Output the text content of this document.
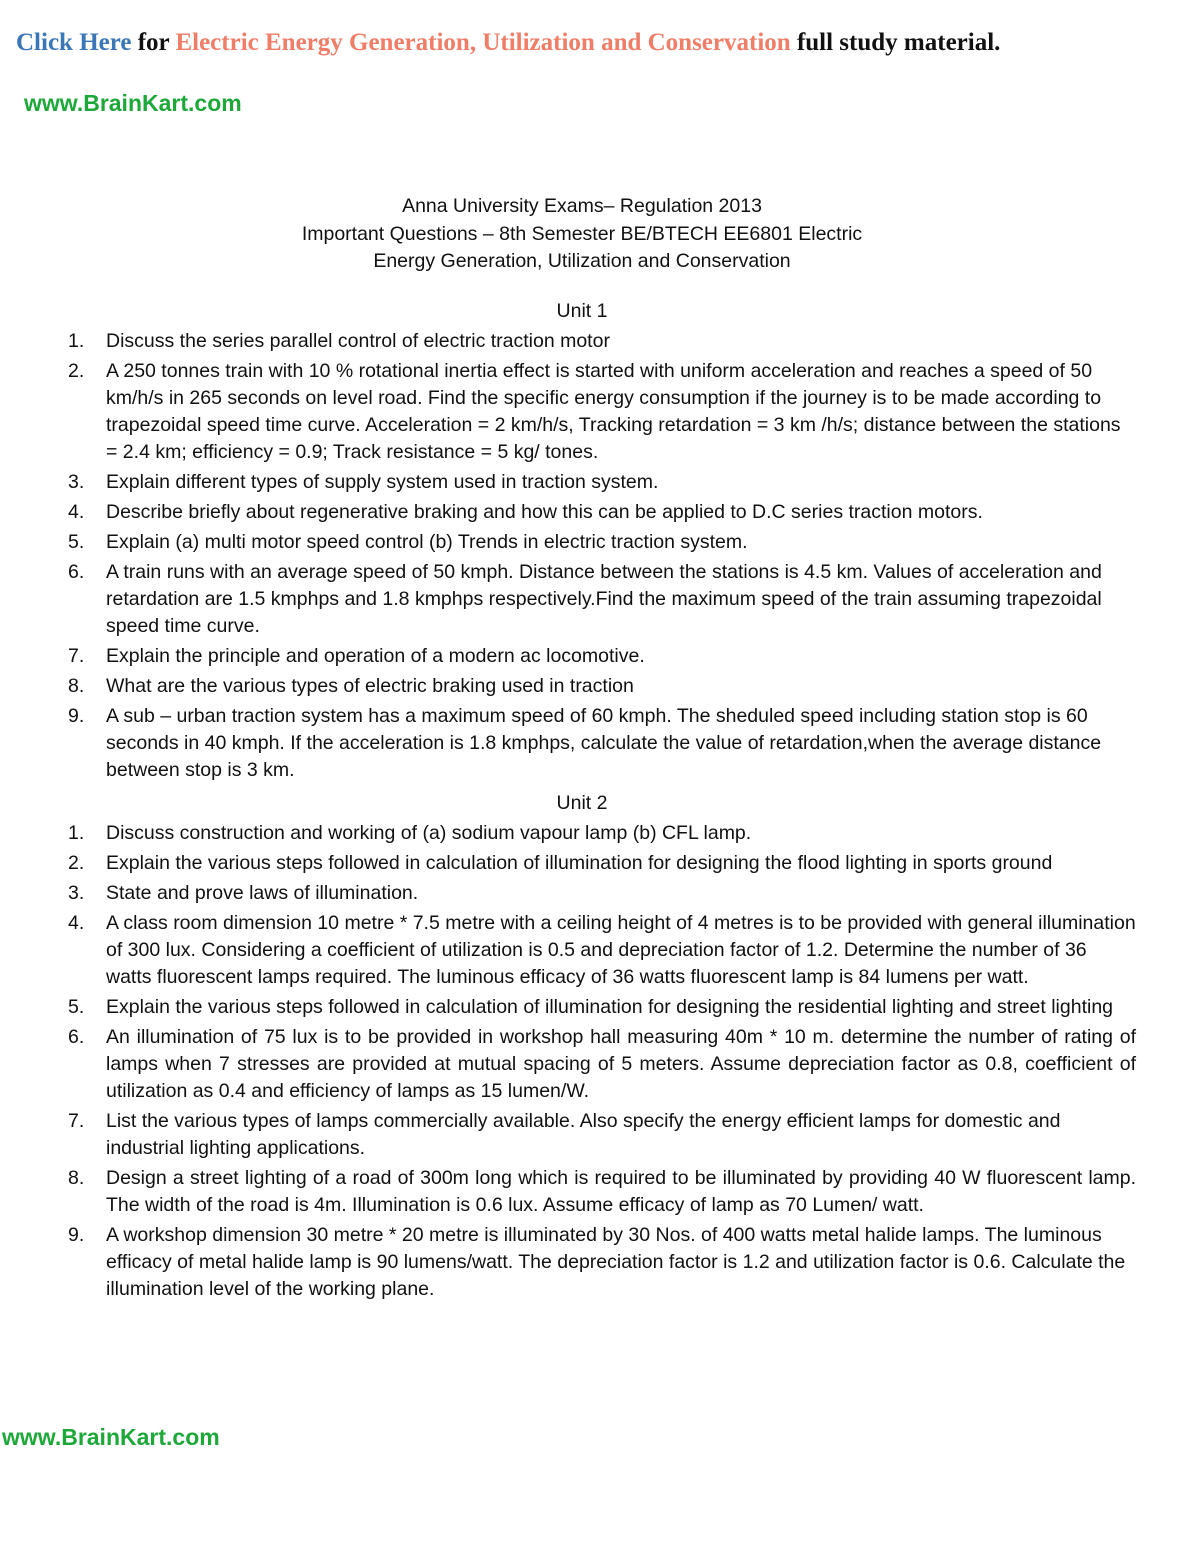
Click Here for Electric Energy Generation, Utilization and Conservation full study material.
www.BrainKart.com
Anna University Exams– Regulation 2013
Important Questions – 8th Semester BE/BTECH EE6801 Electric
Energy Generation, Utilization and Conservation
Unit 1
1. Discuss the series parallel control of electric traction motor
2. A 250 tonnes train with 10 % rotational inertia effect is started with uniform acceleration and reaches a speed of 50 km/h/s in 265 seconds on level road. Find the specific energy consumption if the journey is to be made according to trapezoidal speed time curve. Acceleration = 2 km/h/s, Tracking retardation = 3 km /h/s; distance between the stations = 2.4 km; efficiency = 0.9; Track resistance = 5 kg/ tones.
3. Explain different types of supply system used in traction system.
4. Describe briefly about regenerative braking and how this can be applied to D.C series traction motors.
5. Explain (a) multi motor speed control (b) Trends in electric traction system.
6. A train runs with an average speed of 50 kmph. Distance between the stations is 4.5 km. Values of acceleration and retardation are 1.5 kmphps and 1.8 kmphps respectively.Find the maximum speed of the train assuming trapezoidal speed time curve.
7. Explain the principle and operation of a modern ac locomotive.
8. What are the various types of electric braking used in traction
9. A sub – urban traction system has a maximum speed of 60 kmph. The sheduled speed including station stop is 60 seconds in 40 kmph. If the acceleration is 1.8 kmphps, calculate the value of retardation,when the average distance between stop is 3 km.
Unit 2
1. Discuss construction and working of (a) sodium vapour lamp (b) CFL lamp.
2. Explain the various steps followed in calculation of illumination for designing the flood lighting in sports ground
3. State and prove laws of illumination.
4. A class room dimension 10 metre * 7.5 metre with a ceiling height of 4 metres is to be provided with general illumination of 300 lux. Considering a coefficient of utilization is 0.5 and depreciation factor of 1.2. Determine the number of 36 watts fluorescent lamps required. The luminous efficacy of 36 watts fluorescent lamp is 84 lumens per watt.
5. Explain the various steps followed in calculation of illumination for designing the residential lighting and street lighting
6. An illumination of 75 lux is to be provided in workshop hall measuring 40m * 10 m. determine the number of rating of lamps when 7 stresses are provided at mutual spacing of 5 meters. Assume depreciation factor as 0.8, coefficient of utilization as 0.4 and efficiency of lamps as 15 lumen/W.
7. List the various types of lamps commercially available. Also specify the energy efficient lamps for domestic and industrial lighting applications.
8. Design a street lighting of a road of 300m long which is required to be illuminated by providing 40 W fluorescent lamp. The width of the road is 4m. Illumination is 0.6 lux. Assume efficacy of lamp as 70 Lumen/ watt.
9. A workshop dimension 30 metre * 20 metre is illuminated by 30 Nos. of 400 watts metal halide lamps. The luminous efficacy of metal halide lamp is 90 lumens/watt. The depreciation factor is 1.2 and utilization factor is 0.6. Calculate the illumination level of the working plane.
www.BrainKart.com
